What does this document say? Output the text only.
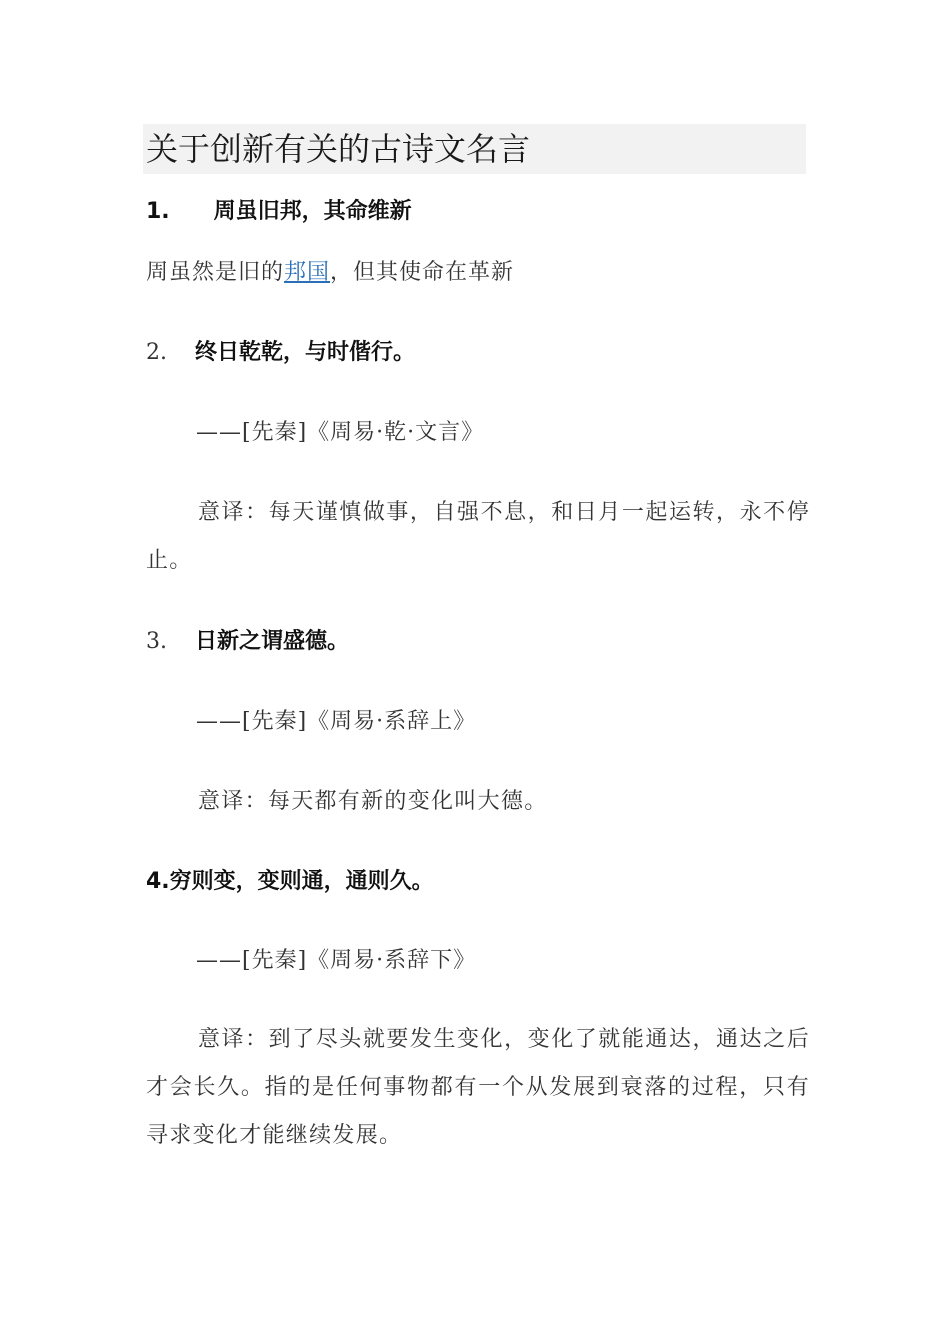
关于创新有关的古诗文名言
1. 周虽旧邦，其命维新
周虽然是旧的邦国，但其使命在革新
2. 终日乾乾，与时偕行。
——[先秦]《周易·乾·文言》
意译：每天谨慎做事，自强不息，和日月一起运转，永不停止。
3. 日新之谓盛德。
——[先秦]《周易·系辞上》
意译：每天都有新的变化叫大德。
4.穷则变，变则通，通则久。
——[先秦]《周易·系辞下》
意译：到了尽头就要发生变化，变化了就能通达，通达之后才会长久。指的是任何事物都有一个从发展到衰落的过程，只有寻求变化才能继续发展。
